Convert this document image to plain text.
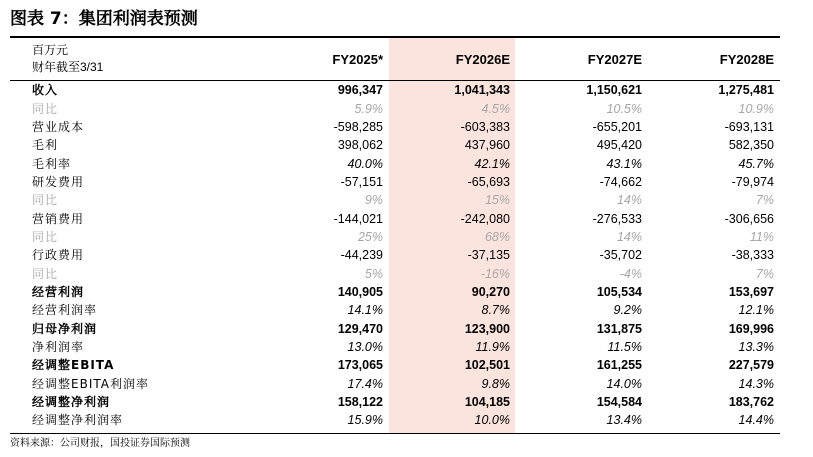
图表 7：集团利润表预测
百万元
财年截至3/31	FY2025*	FY2026E	FY2027E	FY2028E
收入	996,347	1,041,343	1,150,621	1,275,481
同比	5.9%	4.5%	10.5%	10.9%
营业成本	-598,285	-603,383	-655,201	-693,131
毛利	398,062	437,960	495,420	582,350
毛利率	40.0%	42.1%	43.1%	45.7%
研发费用	-57,151	-65,693	-74,662	-79,974
同比	9%	15%	14%	7%
营销费用	-144,021	-242,080	-276,533	-306,656
同比	25%	68%	14%	11%
行政费用	-44,239	-37,135	-35,702	-38,333
同比	5%	-16%	-4%	7%
经营利润	140,905	90,270	105,534	153,697
经营利润率	14.1%	8.7%	9.2%	12.1%
归母净利润	129,470	123,900	131,875	169,996
净利润率	13.0%	11.9%	11.5%	13.3%
经调整EBITA	173,065	102,501	161,255	227,579
经调整EBITA利润率	17.4%	9.8%	14.0%	14.3%
经调整净利润	158,122	104,185	154,584	183,762
经调整净利润率	15.9%	10.0%	13.4%	14.4%
资料来源：公司财报，国投证券国际预测
